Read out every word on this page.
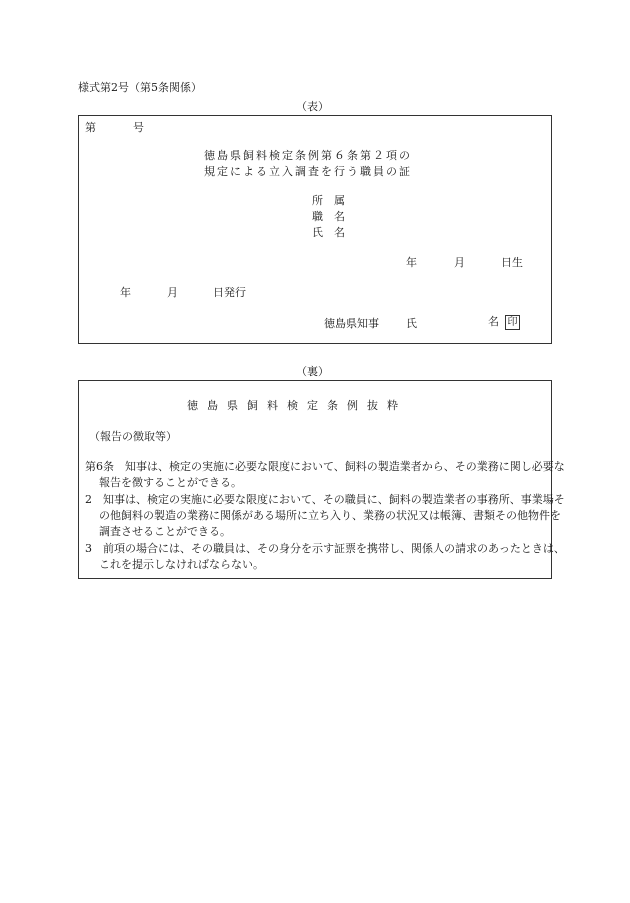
様式第2号（第5条関係）
（表）
第	号
徳島県飼料検定条例第６条第２項の
規定による立入調査を行う職員の証
所　属
職　名
氏　名
年	月	日生
年	月	日発行
徳島県知事 氏	名 印
（裏）
徳島県飼料検定条例抜粋
（報告の徴取等）
第6条　知事は、検定の実施に必要な限度において、飼料の製造業者から、その業務に関し必要な報告を徴することができる。
2　知事は、検定の実施に必要な限度において、その職員に、飼料の製造業者の事務所、事業場その他飼料の製造の業務に関係がある場所に立ち入り、業務の状況又は帳簿、書類その他物件を調査させることができる。
3　前項の場合には、その職員は、その身分を示す証票を携帯し、関係人の請求のあったときは、これを提示しなければならない。
